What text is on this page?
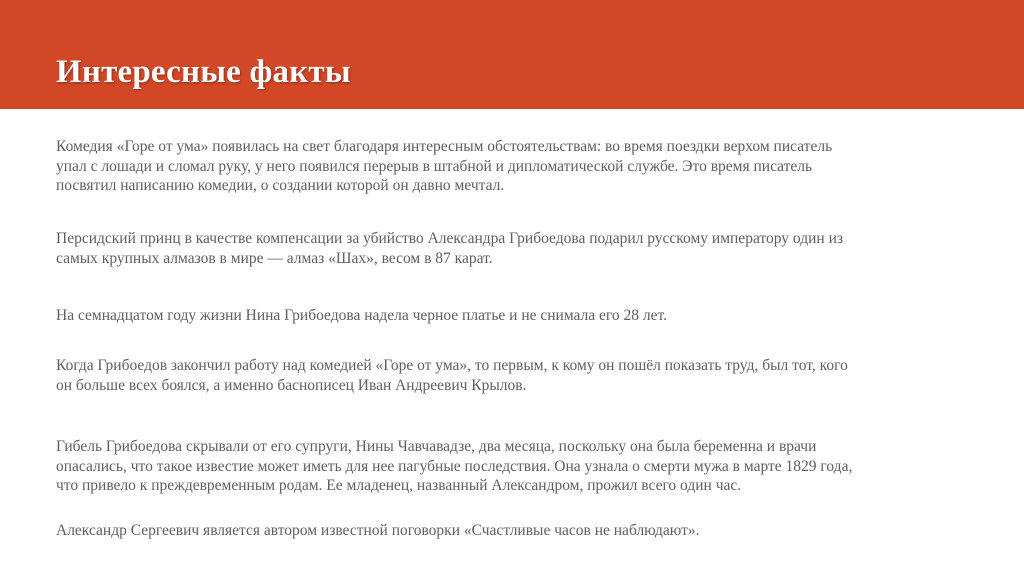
Интересные факты

Комедия «Горе от ума» появилась на свет благодаря интересным обстоятельствам: во время поездки верхом писатель
упал с лошади и сломал руку, у него появился перерыв в штабной и дипломатической службе. Это время писатель
посвятил написанию комедии, о создании которой он давно мечтал.

Персидский принц в качестве компенсации за убийство Александра Грибоедова подарил русскому императору один из
самых крупных алмазов в мире — алмаз «Шах», весом в 87 карат.

На семнадцатом году жизни Нина Грибоедова надела черное платье и не снимала его 28 лет.

Когда Грибоедов закончил работу над комедией «Горе от ума», то первым, к кому он пошёл показать труд, был тот, кого
он больше всех боялся, а именно баснописец Иван Андреевич Крылов.

Гибель Грибоедова скрывали от его супруги, Нины Чавчавадзе, два месяца, поскольку она была беременна и врачи
опасались, что такое известие может иметь для нее пагубные последствия. Она узнала о смерти мужа в марте 1829 года,
что привело к преждевременным родам. Ее младенец, названный Александром, прожил всего один час.

Александр Сергеевич является автором известной поговорки «Счастливые часов не наблюдают».
